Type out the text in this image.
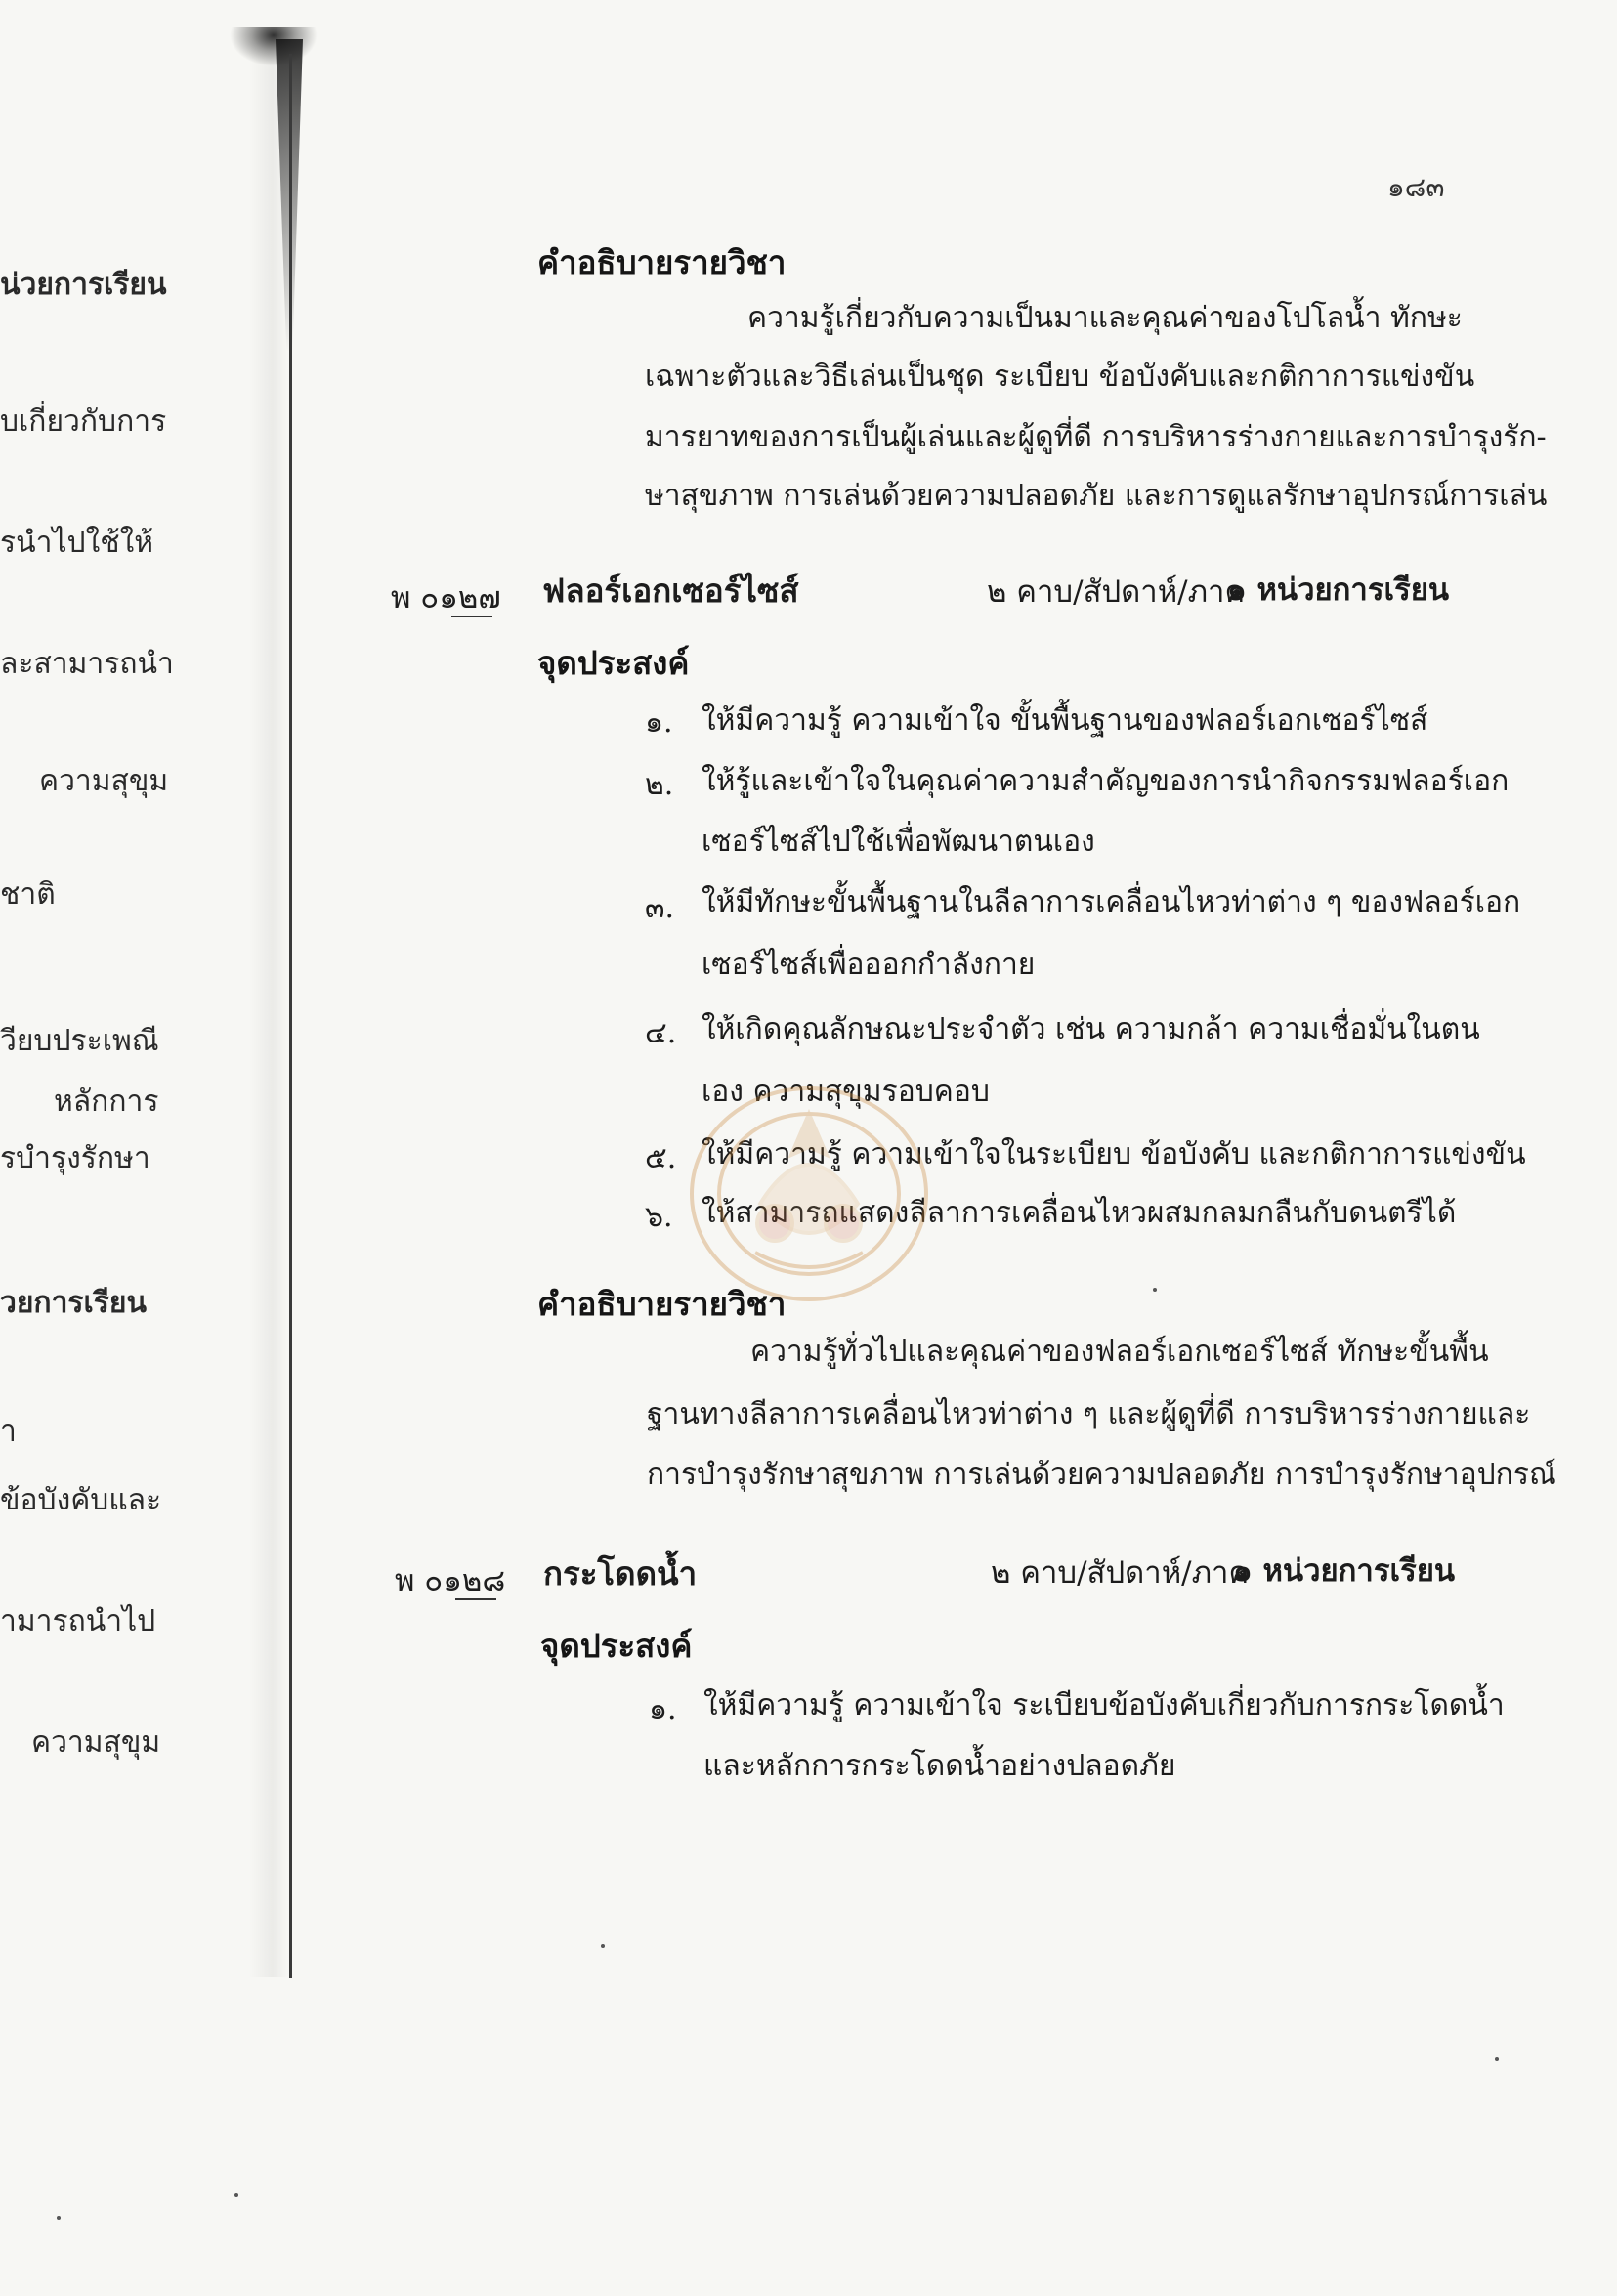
น่วยการเรียน
บเกี่ยวกับการ
รนำไปใช้ให้
ละสามารถนำ
ความสุขุม
ชาติ
วียบประเพณี
หลักการ
รบำรุงรักษา
่วยการเรียน
่า
ข้อบังคับและ
ามารถนำไป
ความสุขุม
๑๘๓
คำอธิบายรายวิชา
ความรู้เกี่ยวกับความเป็นมาและคุณค่าของโปโลน้ำ ทักษะ
เฉพาะตัวและวิธีเล่นเป็นชุด ระเบียบ ข้อบังคับและกติกาการแข่งขัน
มารยาทของการเป็นผู้เล่นและผู้ดูที่ดี การบริหารร่างกายและการบำรุงรัก-
ษาสุขภาพ การเล่นด้วยความปลอดภัย และการดูแลรักษาอุปกรณ์การเล่น
พ ๐๑๒๗ ฟลอร์เอกเซอร์ไซส์	๒ คาบ/สัปดาห์/ภาค
๑ หน่วยการเรียน
จุดประสงค์
๑. ให้มีความรู้ ความเข้าใจ ขั้นพื้นฐานของฟลอร์เอกเซอร์ไซส์
๒. ให้รู้และเข้าใจในคุณค่าความสำคัญของการนำกิจกรรมฟลอร์เอก
เซอร์ไซส์ไปใช้เพื่อพัฒนาตนเอง
๓. ให้มีทักษะขั้นพื้นฐานในลีลาการเคลื่อนไหวท่าต่าง ๆ ของฟลอร์เอก
เซอร์ไซส์เพื่อออกกำลังกาย
๔. ให้เกิดคุณลักษณะประจำตัว เช่น ความกล้า ความเชื่อมั่นในตน
เอง ความสุขุมรอบคอบ
๕. ให้มีความรู้ ความเข้าใจในระเบียบ ข้อบังคับ และกติกาการแข่งขัน
๖. ให้สามารถแสดงลีลาการเคลื่อนไหวผสมกลมกลืนกับดนตรีได้
คำอธิบายรายวิชา
ความรู้ทั่วไปและคุณค่าของฟลอร์เอกเซอร์ไซส์ ทักษะขั้นพื้น
ฐานทางลีลาการเคลื่อนไหวท่าต่าง ๆ และผู้ดูที่ดี การบริหารร่างกายและ
การบำรุงรักษาสุขภาพ การเล่นด้วยความปลอดภัย การบำรุงรักษาอุปกรณ์
พ ๐๑๒๘ กระโดดน้ำ	๒ คาบ/สัปดาห์/ภาค
๑ หน่วยการเรียน
จุดประสงค์
๑. ให้มีความรู้ ความเข้าใจ ระเบียบข้อบังคับเกี่ยวกับการกระโดดน้ำ
และหลักการกระโดดน้ำอย่างปลอดภัย
